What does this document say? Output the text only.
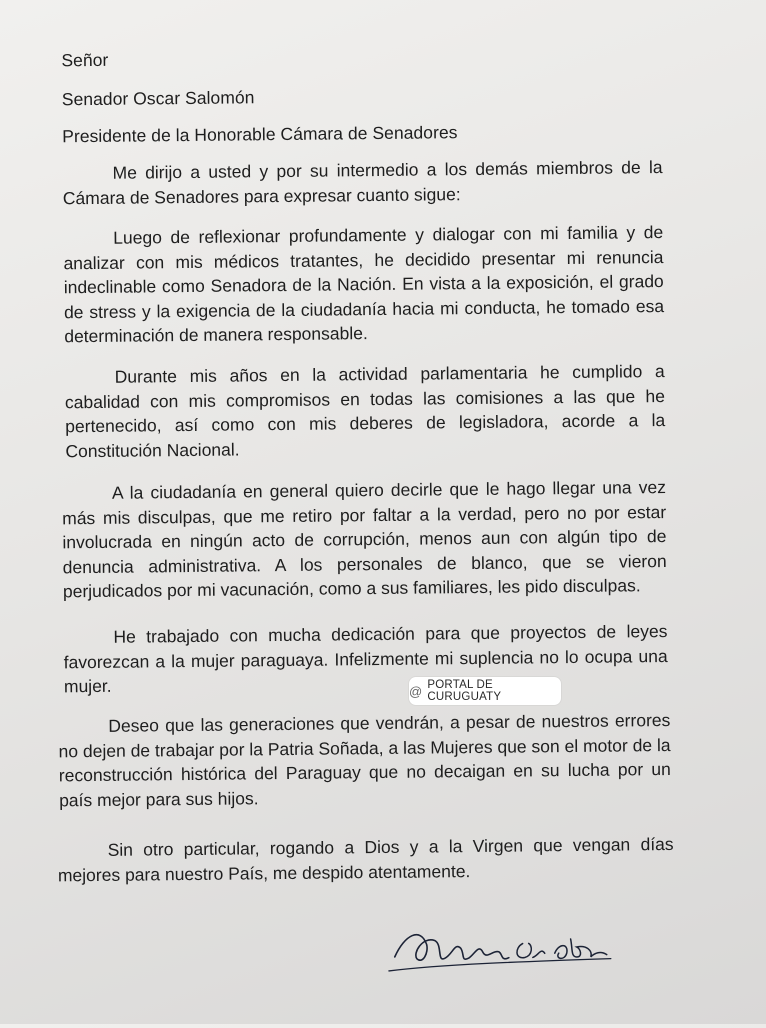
Señor
Senador Oscar Salomón
Presidente de la Honorable Cámara de Senadores
Me dirijo a usted y por su intermedio a los demás miembros de la Cámara de Senadores para expresar cuanto sigue:
Luego de reflexionar profundamente y dialogar con mi familia y de analizar con mis médicos tratantes, he decidido presentar mi renuncia indeclinable como Senadora de la Nación. En vista a la exposición, el grado de stress y la exigencia de la ciudadanía hacia mi conducta, he tomado esa determinación de manera responsable.
Durante mis años en la actividad parlamentaria he cumplido a cabalidad con mis compromisos en todas las comisiones a las que he pertenecido, así como con mis deberes de legisladora, acorde a la Constitución Nacional.
A la ciudadanía en general quiero decirle que le hago llegar una vez más mis disculpas, que me retiro por faltar a la verdad, pero no por estar involucrada en ningún acto de corrupción, menos aun con algún tipo de denuncia administrativa. A los personales de blanco, que se vieron perjudicados por mi vacunación, como a sus familiares, les pido disculpas.
He trabajado con mucha dedicación para que proyectos de leyes favorezcan a la mujer paraguaya. Infelizmente mi suplencia no lo ocupa una mujer.
Deseo que las generaciones que vendrán, a pesar de nuestros errores no dejen de trabajar por la Patria Soñada, a las Mujeres que son el motor de la reconstrucción histórica del Paraguay que no decaigan en su lucha por un país mejor para sus hijos.
Sin otro particular, rogando a Dios y a la Virgen que vengan días mejores para nuestro País, me despido atentamente.
@ PORTAL DE CURUGUATY
